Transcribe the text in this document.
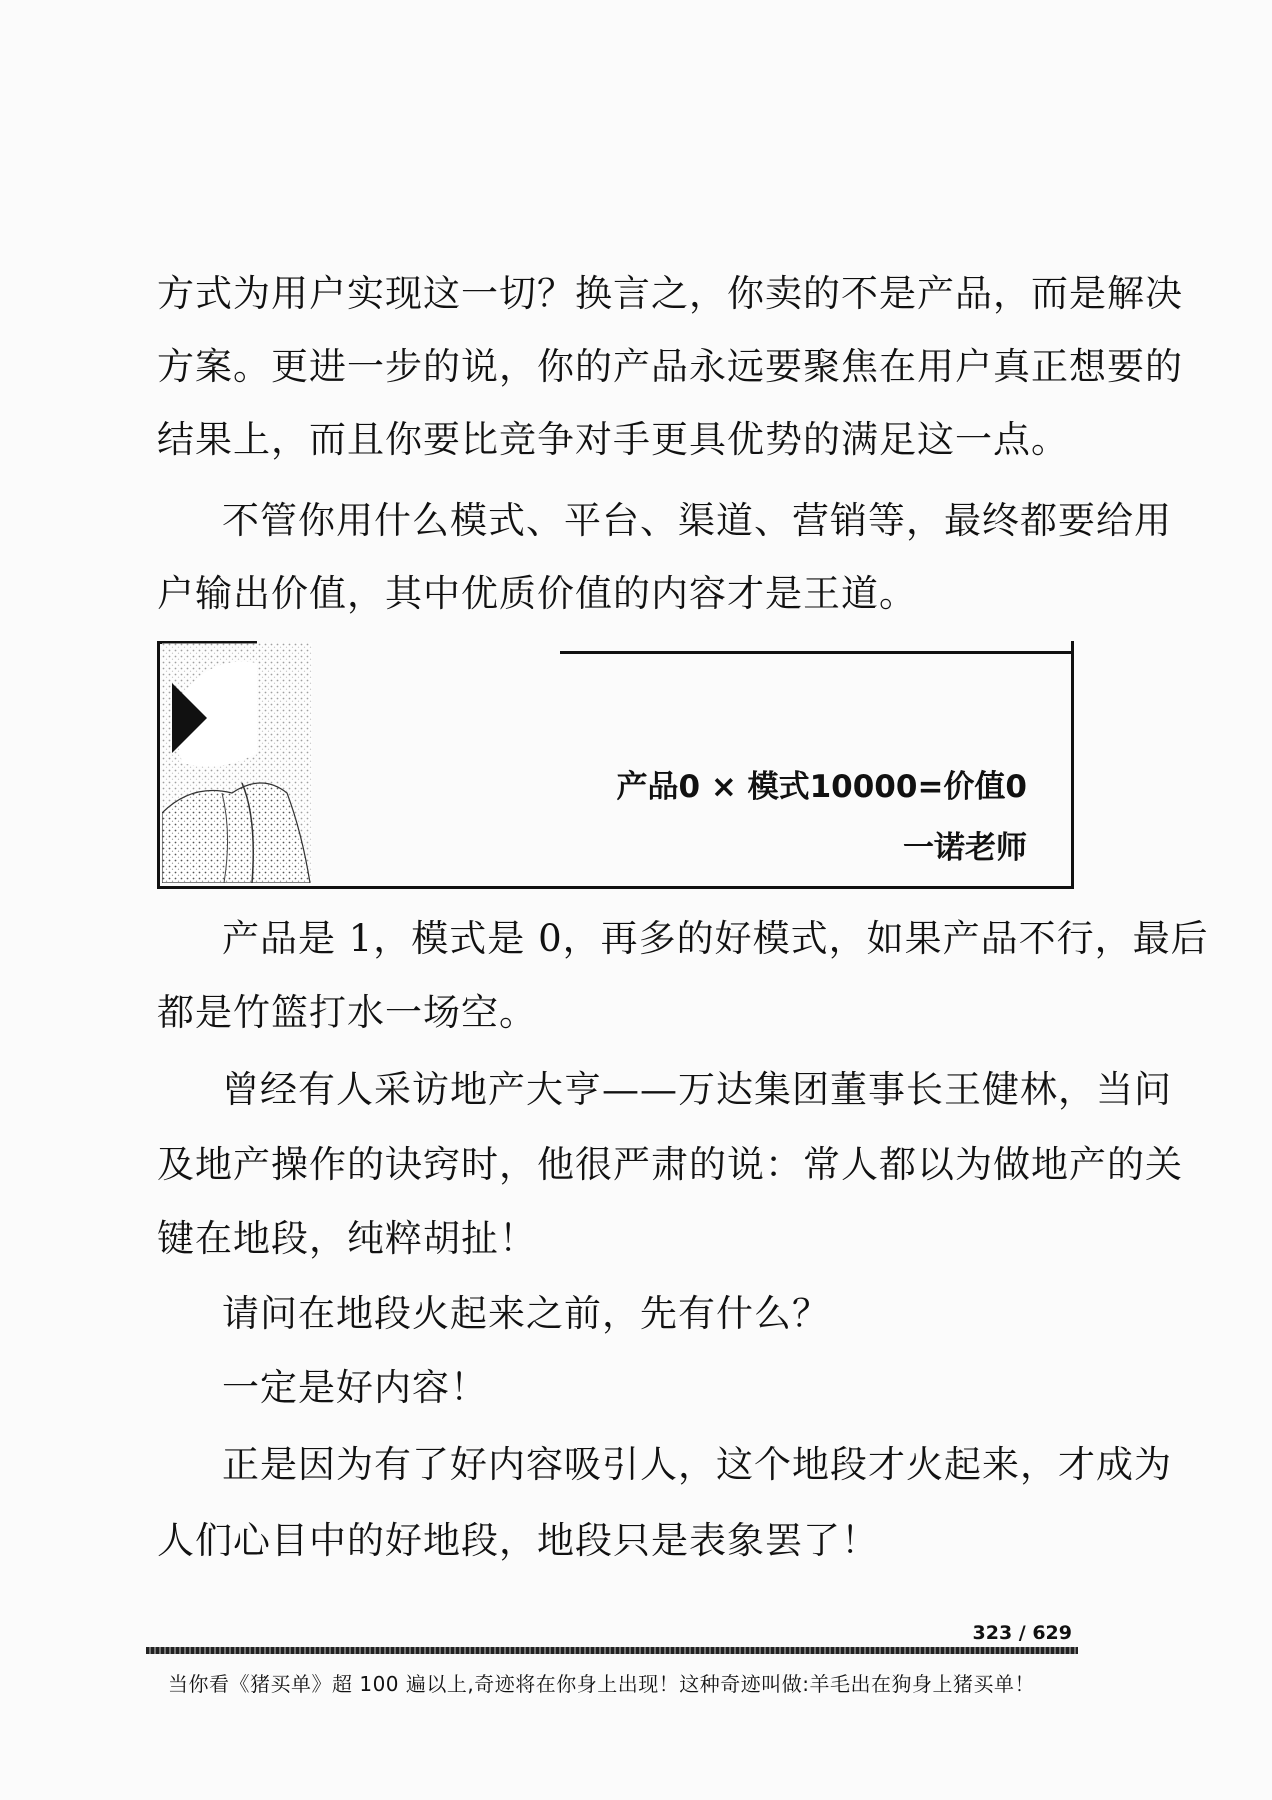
方式为用户实现这一切？换言之，你卖的不是产品，而是解决
方案。更进一步的说，你的产品永远要聚焦在用户真正想要的
结果上，而且你要比竞争对手更具优势的满足这一点。
不管你用什么模式、平台、渠道、营销等，最终都要给用
户输出价值，其中优质价值的内容才是王道。
产品0 × 模式10000=价值0
一诺老师
产品是 1，模式是 0，再多的好模式，如果产品不行，最后
都是竹篮打水一场空。
曾经有人采访地产大亨——万达集团董事长王健林，当问
及地产操作的诀窍时，他很严肃的说：常人都以为做地产的关
键在地段，纯粹胡扯！
请问在地段火起来之前，先有什么？
一定是好内容！
正是因为有了好内容吸引人，这个地段才火起来，才成为
人们心目中的好地段，地段只是表象罢了！
323 / 629
当你看《猪买单》超 100 遍以上,奇迹将在你身上出现！这种奇迹叫做:羊毛出在狗身上猪买单！
